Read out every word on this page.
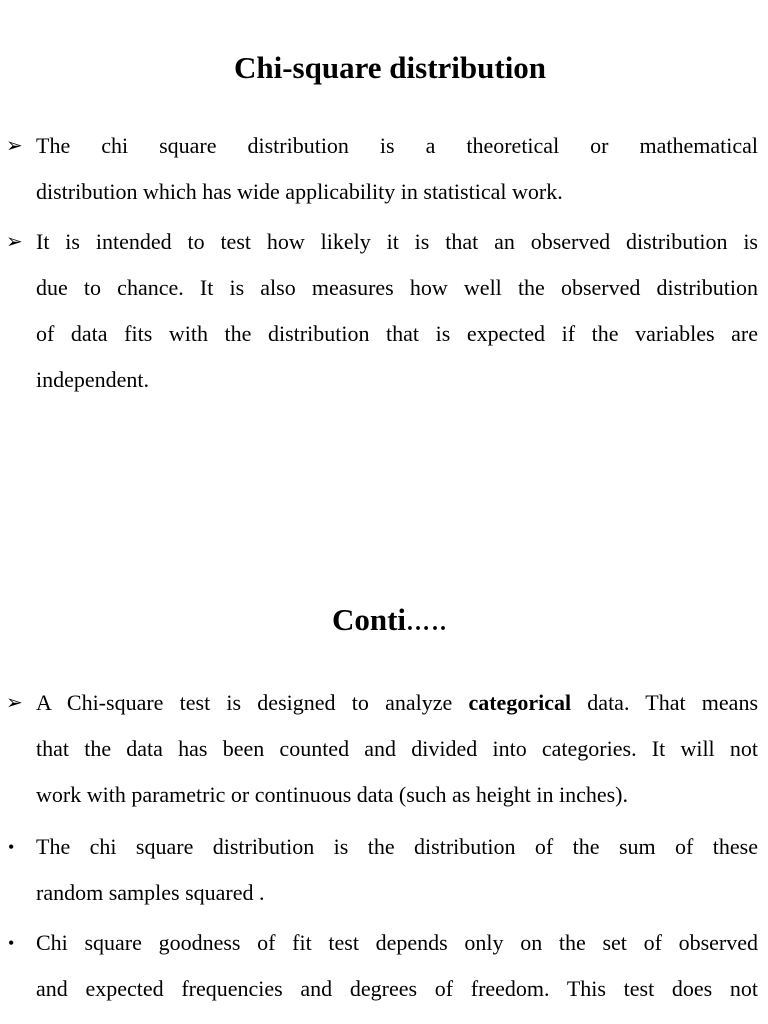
Chi-square distribution
➢ The chi square distribution is a theoretical or mathematical
distribution which has wide applicability in statistical work.
➢ It is intended to test how likely it is that an observed distribution is
due to chance. It is also measures how well the observed distribution
of data fits with the distribution that is expected if the variables are
independent.
Conti…..
➢ A Chi-square test is designed to analyze categorical data. That means
that the data has been counted and divided into categories. It will not
work with parametric or continuous data (such as height in inches).
• The chi square distribution is the distribution of the sum of these
random samples squared .
• Chi square goodness of fit test depends only on the set of observed
and expected frequencies and degrees of freedom. This test does not
